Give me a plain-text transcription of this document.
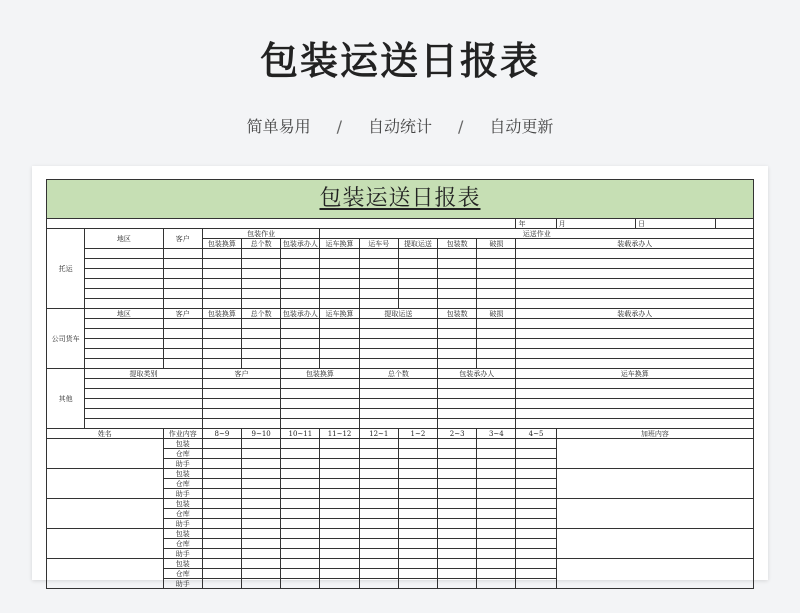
包装运送日报表
简单易用 / 自动统计 / 自动更新
包装运送日报表														
											年	月	日	
托运	地区	客户	包装作业			运送作业								
			包装换算	总个数	包装承办人	运车换算	运车号	提取运送	包装数	破损	装载承办人			

公司货车	地区	客户	包装换算	总个数	包装承办人	运车换算	提取运送		包装数	破损	装载承办人			

其他	提取类别		客户		包装换算		总个数		包装承办人		运车换算			

姓名		作业内容	8~9	9~10	10~11	11~12	12~1	1~2	2~3	3~4	4~5	加班内容		
		包装												
		仓库												
		助手												
		包装												
		仓库												
		助手												
		包装												
		仓库												
		助手												
		包装												
		仓库												
		助手												
		包装												
		仓库												
		助手												
